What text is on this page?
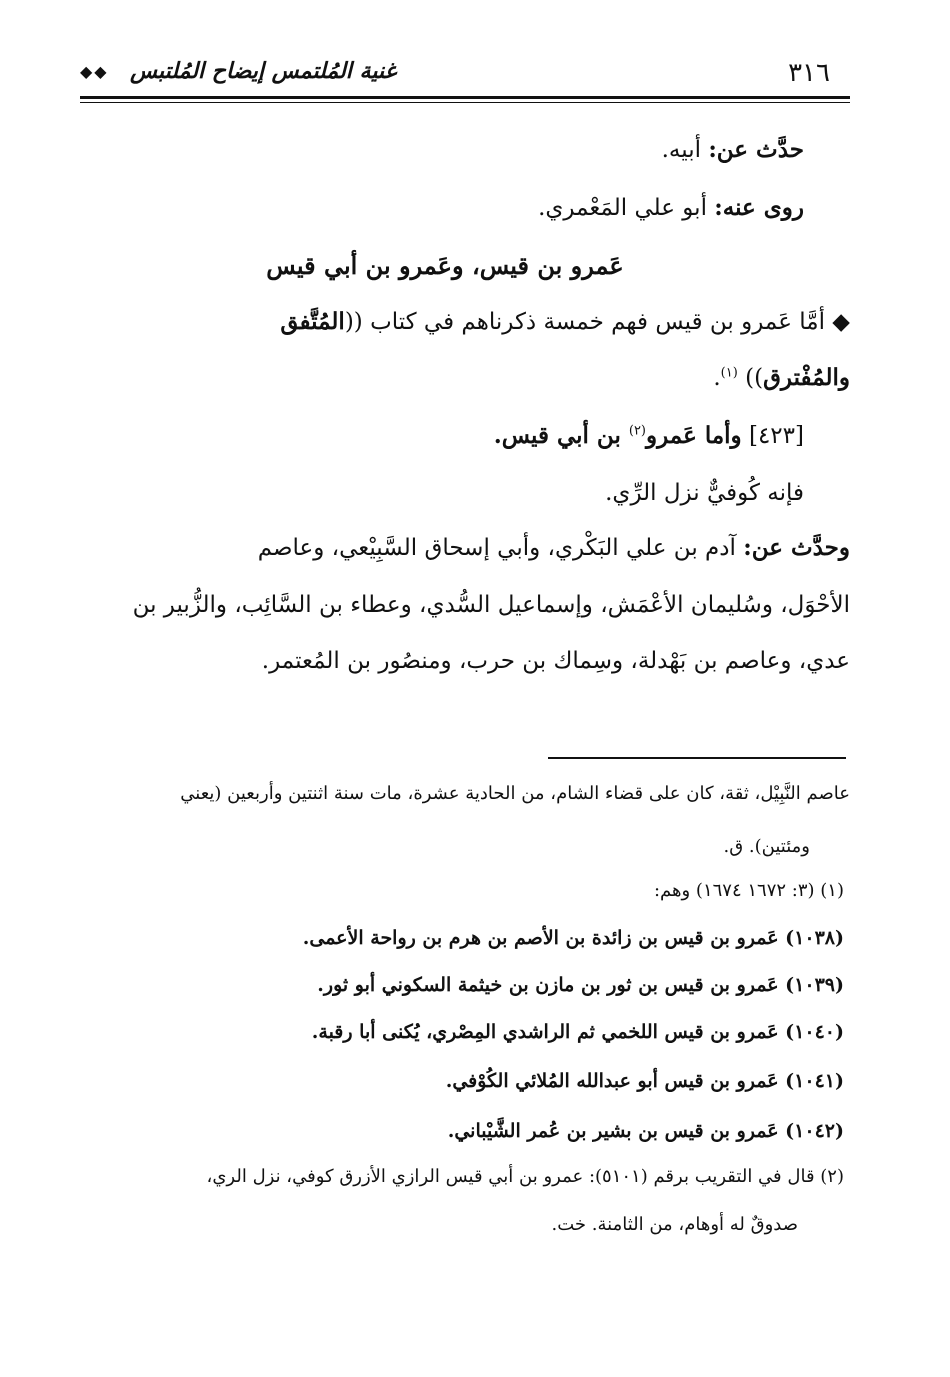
٣١٦
غنية المُلتمس إيضاح المُلتبس
◆◆
حدَّث عن: أبيه.
روى عنه: أبو علي المَعْمري.
عَمرو بن قيس، وعَمرو بن أبي قيس
◆ أمَّا عَمرو بن قيس فهم خمسة ذكرناهم في كتاب ((المُتَّفق
والمُفْترق)) $^{(١)}$.
[٤٢٣] وأما عَمرو$^{(٢)}$ بن أبي قيس.
فإنه كُوفيٌّ نزل الرِّي.
وحدَّث عن: آدم بن علي البَكْري، وأبي إسحاق السَّبِيْعي، وعاصم
الأحْوَل، وسُليمان الأعْمَش، وإسماعيل السُّدي، وعطاء بن السَّائِب، والزُّبير بن
عدي، وعاصم بن بَهْدلة، وسِماك بن حرب، ومنصُور بن المُعتمر.
عاصم النَّبِيْل، ثقة، كان على قضاء الشام، من الحادية عشرة، مات سنة اثنتين وأربعين (يعني
ومئتين). ق.
(١) (٣: ١٦٧٢ ١٦٧٤) وهم:
(١٠٣٨) عَمرو بن قيس بن زائدة بن الأصم بن هرم بن رواحة الأعمى.
(١٠٣٩) عَمرو بن قيس بن ثور بن مازن بن خيثمة السكوني أبو ثور.
(١٠٤٠) عَمرو بن قيس اللخمي ثم الراشدي المِصْري، يُكنى أبا رقبة.
(١٠٤١) عَمرو بن قيس أبو عبدالله المُلائي الكُوْفي.
(١٠٤٢) عَمرو بن قيس بن بشير بن عُمر الشَّيْباني.
(٢) قال في التقريب برقم (٥١٠١): عمرو بن أبي قيس الرازي الأزرق كوفي، نزل الري،
صدوقٌ له أوهام، من الثامنة. خت.
